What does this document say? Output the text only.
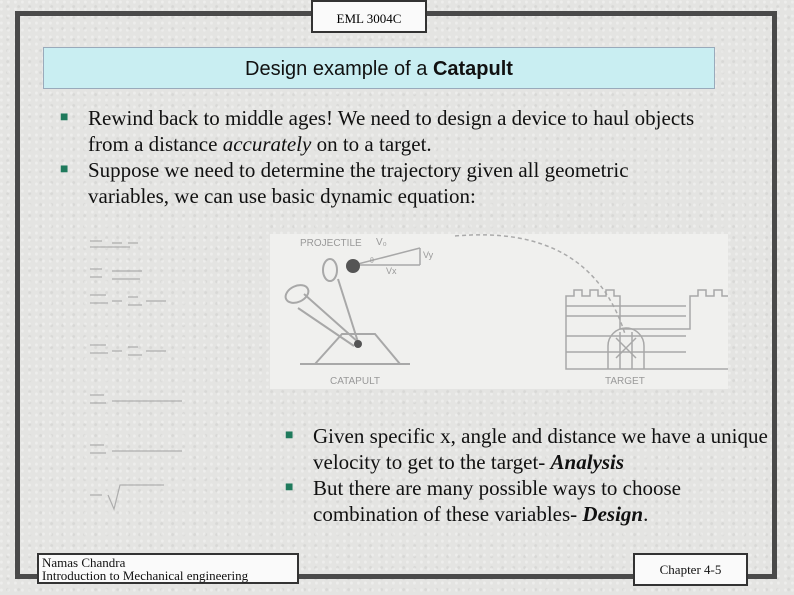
EML 3004C
Design example of a Catapult
■ Rewind back to middle ages! We need to design a device to haul objects from a distance accurately on to a target.
■ Suppose we need to determine the trajectory given all geometric variables, we can use basic dynamic equation:
PROJECTILE V₀
Vy
Vx
θ
CATAPULT	TARGET
■ Given specific x, angle and distance we have a unique velocity to get to the target- Analysis
■ But there are many possible ways to choose combination of these variables- Design.
Namas Chandra
Introduction to Mechanical engineering	Chapter 4-5
